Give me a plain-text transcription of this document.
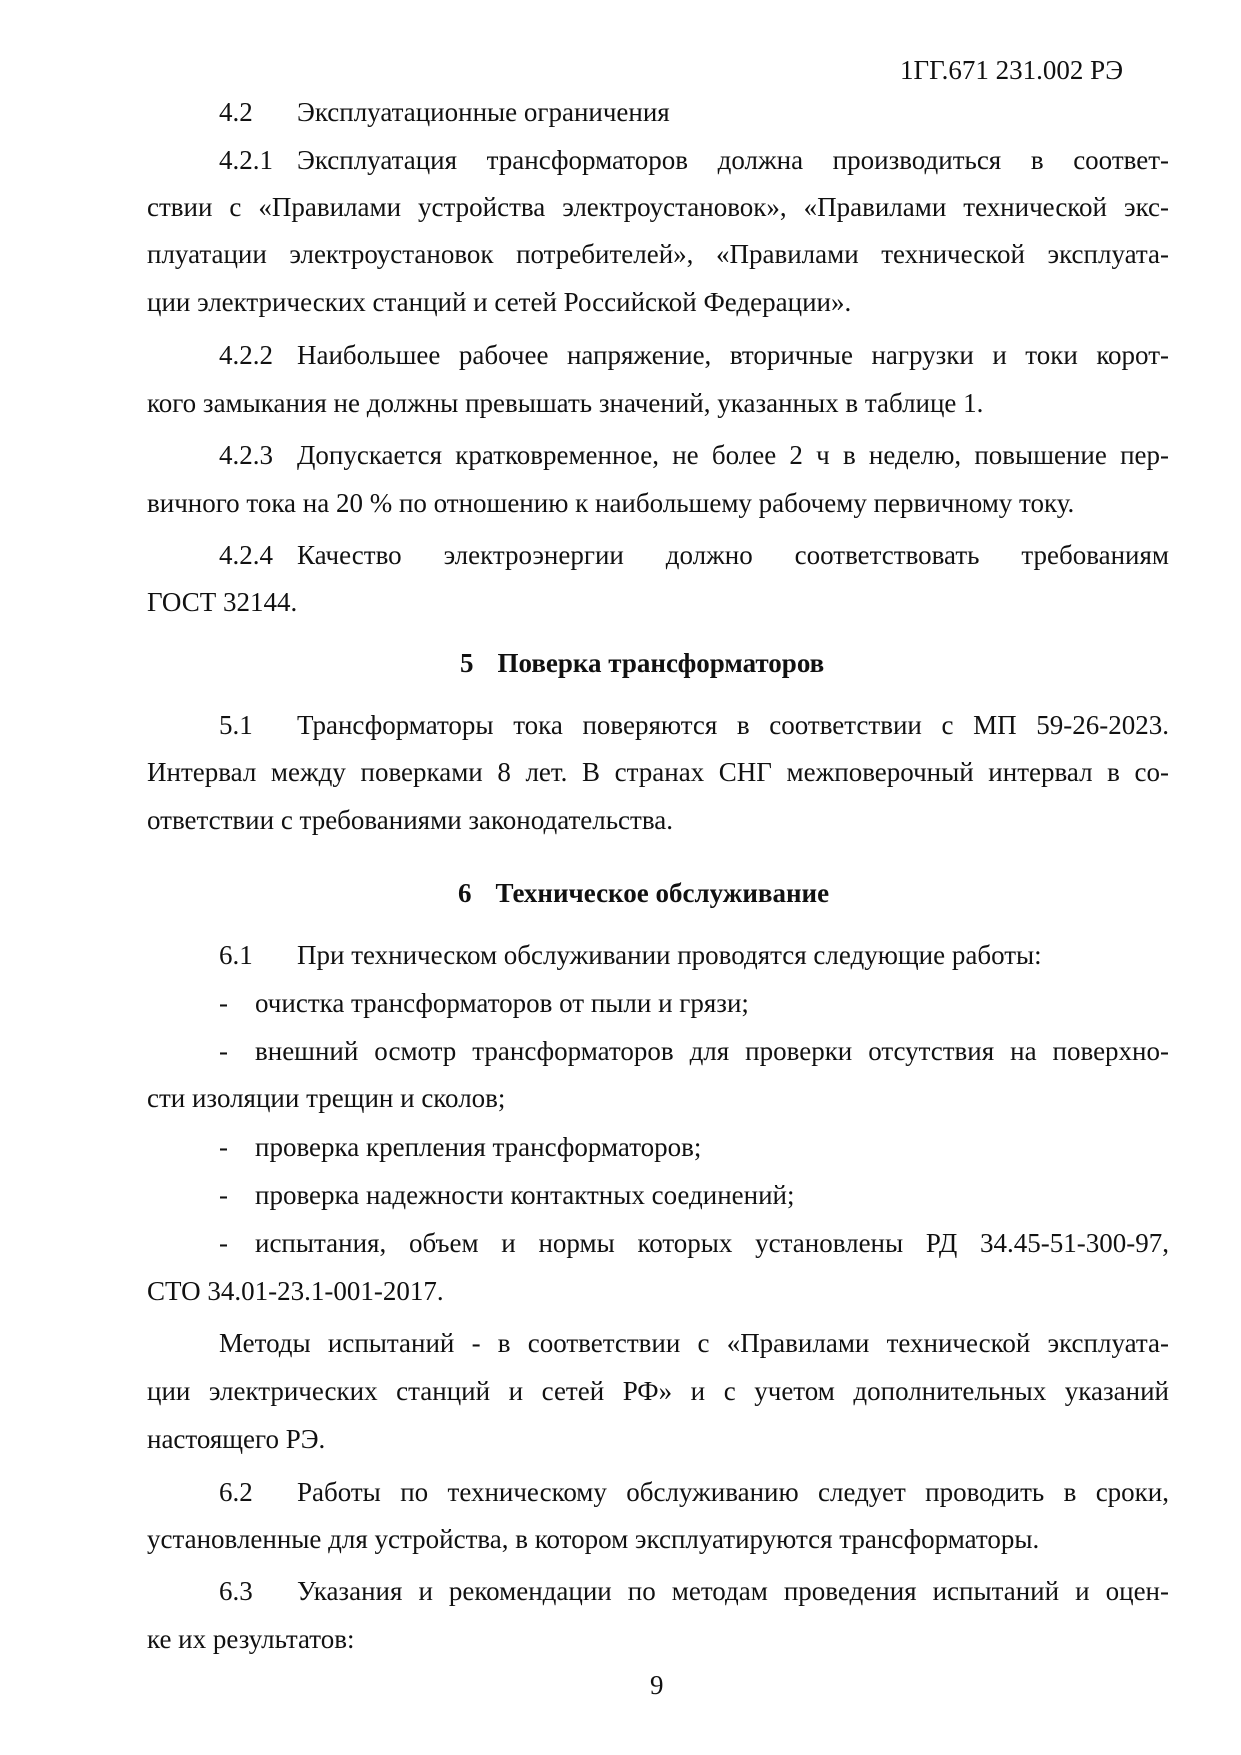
1ГГ.671 231.002 РЭ

4.2 Эксплуатационные ограничения

4.2.1 Эксплуатация трансформаторов должна производиться в соответ-

ствии с «Правилами устройства электроустановок», «Правилами технической экс-

плуатации электроустановок потребителей», «Правилами технической эксплуата-

ции электрических станций и сетей Российской Федерации».

4.2.2 Наибольшее рабочее напряжение, вторичные нагрузки и токи корот-

кого замыкания не должны превышать значений, указанных в таблице 1.

4.2.3 Допускается кратковременное, не более 2 ч в неделю, повышение пер-

вичного тока на 20 % по отношению к наибольшему рабочему первичному току.

4.2.4 Качество электроэнергии должно соответствовать требованиям

ГОСТ 32144.

5 Поверка трансформаторов

5.1 Трансформаторы тока поверяются в соответствии с МП 59-26-2023.

Интервал между поверками 8 лет. В странах СНГ межповерочный интервал в со-

ответствии с требованиями законодательства.

6 Техническое обслуживание

6.1 При техническом обслуживании проводятся следующие работы:

- очистка трансформаторов от пыли и грязи;

- внешний осмотр трансформаторов для проверки отсутствия на поверхно-

сти изоляции трещин и сколов;

- проверка крепления трансформаторов;

- проверка надежности контактных соединений;

- испытания, объем и нормы которых установлены РД 34.45-51-300-97,

СТО 34.01-23.1-001-2017.

Методы испытаний - в соответствии с «Правилами технической эксплуата-

ции электрических станций и сетей РФ» и с учетом дополнительных указаний

настоящего РЭ.

6.2 Работы по техническому обслуживанию следует проводить в сроки,

установленные для устройства, в котором эксплуатируются трансформаторы.

6.3 Указания и рекомендации по методам проведения испытаний и оцен-

ке их результатов:

9
